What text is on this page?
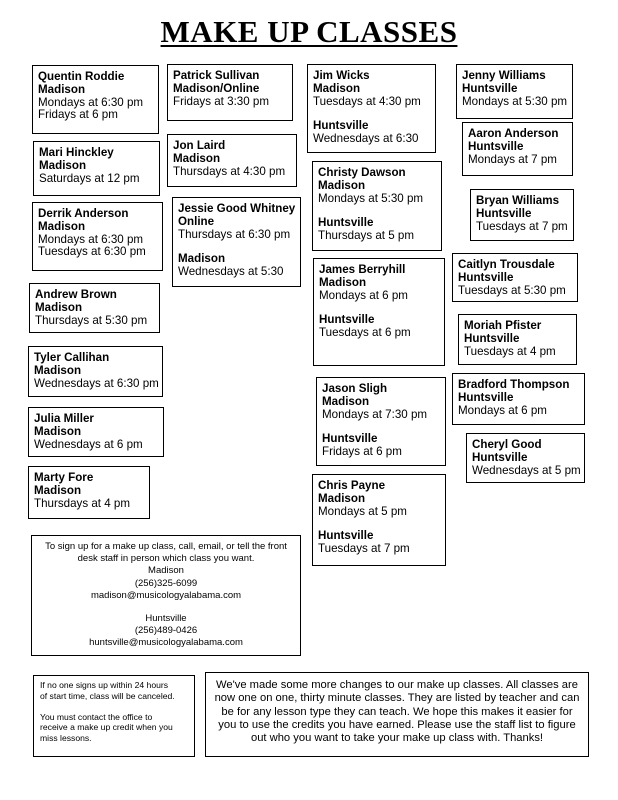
MAKE UP CLASSES
Quentin Roddie
Madison
Mondays at 6:30 pm
Fridays at 6 pm
Mari Hinckley
Madison
Saturdays at 12 pm
Derrik Anderson
Madison
Mondays at 6:30 pm
Tuesdays at 6:30 pm
Andrew Brown
Madison
Thursdays at 5:30 pm
Tyler Callihan
Madison
Wednesdays at 6:30 pm
Julia Miller
Madison
Wednesdays at 6 pm
Marty Fore
Madison
Thursdays at 4 pm
Patrick Sullivan
Madison/Online
Fridays at 3:30 pm
Jon Laird
Madison
Thursdays at 4:30 pm
Jessie Good Whitney
Online
Thursdays at 6:30 pm
Madison
Wednesdays at 5:30
Jim Wicks
Madison
Tuesdays at 4:30 pm
Huntsville
Wednesdays at 6:30
Christy Dawson
Madison
Mondays at 5:30 pm
Huntsville
Thursdays at 5 pm
James Berryhill
Madison
Mondays at 6 pm
Huntsville
Tuesdays at 6 pm
Jason Sligh
Madison
Mondays at 7:30 pm
Huntsville
Fridays at 6 pm
Chris Payne
Madison
Mondays at 5 pm
Huntsville
Tuesdays at 7 pm
Jenny Williams
Huntsville
Mondays at 5:30 pm
Aaron Anderson
Huntsville
Mondays at 7 pm
Bryan Williams
Huntsville
Tuesdays at 7 pm
Caitlyn Trousdale
Huntsville
Tuesdays at 5:30 pm
Moriah Pfister
Huntsville
Tuesdays at 4 pm
Bradford Thompson
Huntsville
Mondays at 6 pm
Cheryl Good
Huntsville
Wednesdays at 5 pm
To sign up for a make up class, call, email, or tell the front
desk staff in person which class you want.
Madison
(256)325-6099
madison@musicologyalabama.com
Huntsville
(256)489-0426
huntsville@musicologyalabama.com
If no one signs up within 24 hours
of start time, class will be canceled.
You must contact the office to
receive a make up credit when you
miss lessons.
We've made some more changes to our make up classes. All classes are now one on one, thirty minute classes. They are listed by teacher and can be for any lesson type they can teach. We hope this makes it easier for you to use the credits you have earned. Please use the staff list to figure out who you want to take your make up class with. Thanks!
